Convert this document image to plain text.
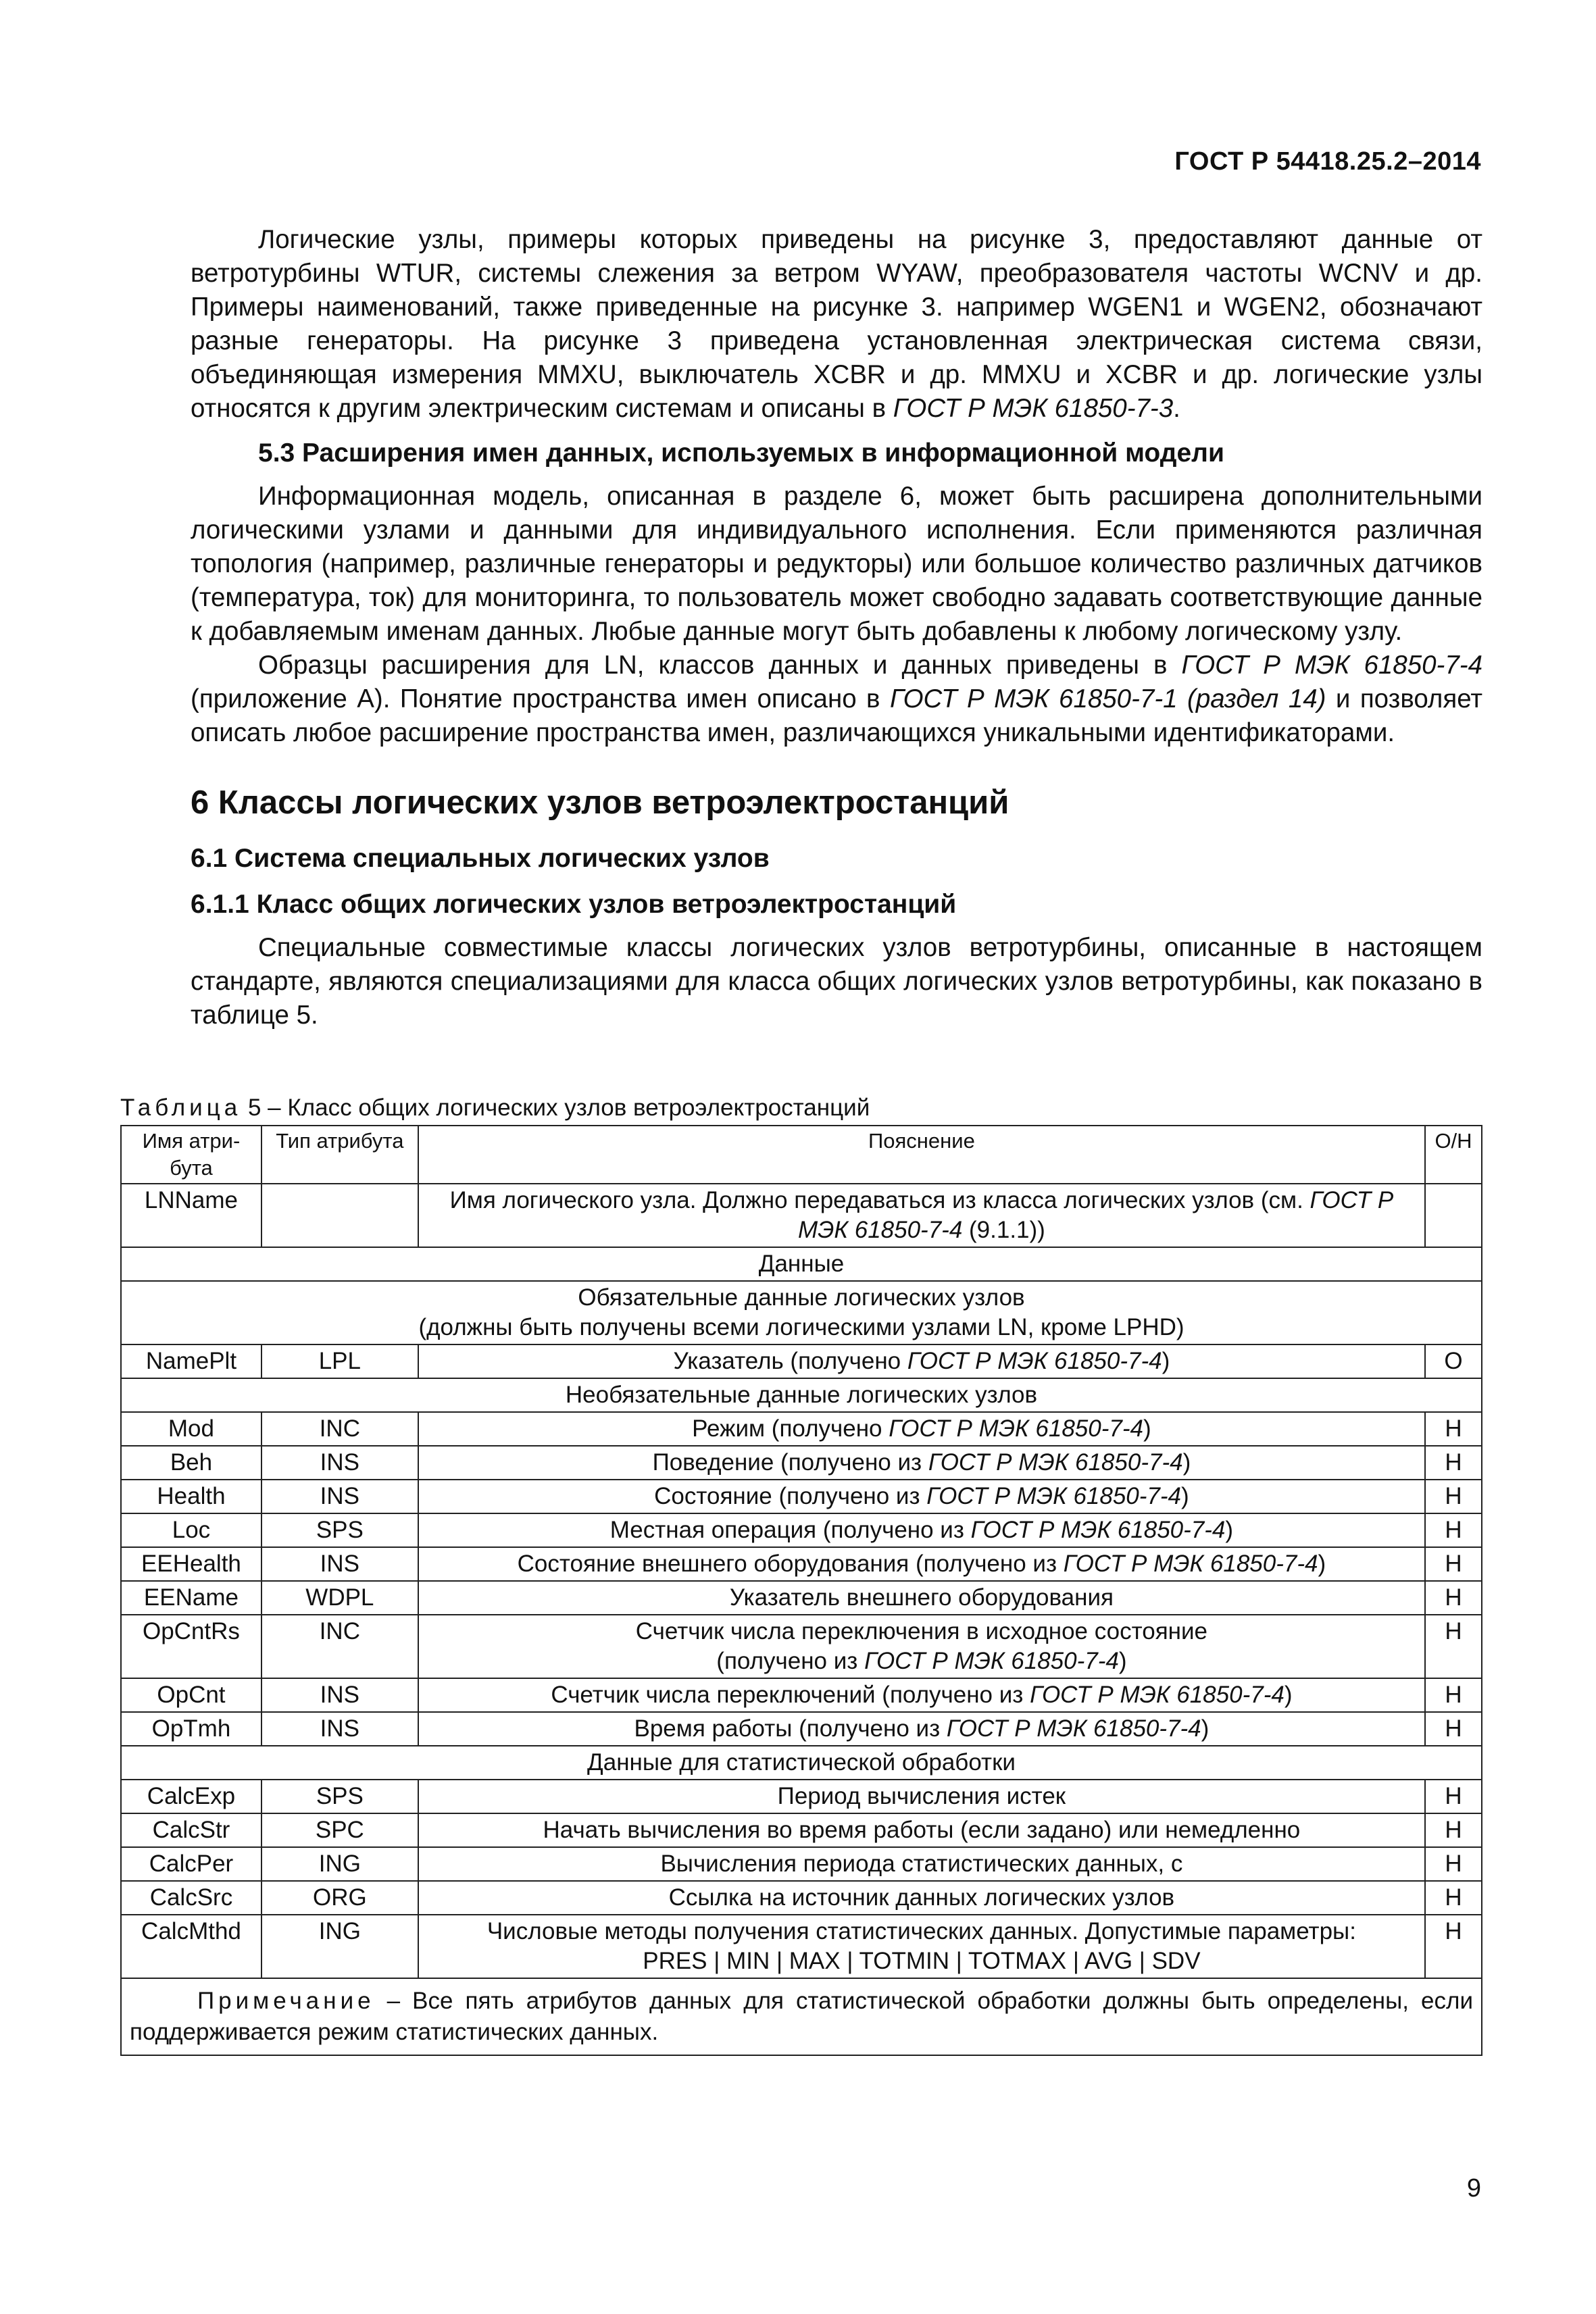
ГОСТ Р 54418.25.2–2014

Логические узлы, примеры которых приведены на рисунке 3, предоставляют данные от ветротурбины WTUR, системы слежения за ветром WYAW, преобразователя частоты WCNV и др. Примеры наименований, также приведенные на рисунке 3. например WGEN1 и WGEN2, обозначают разные генераторы. На рисунке 3 приведена установленная электрическая система связи, объединяющая измерения MMXU, выключатель XCBR и др. MMXU и XCBR и др. логические узлы относятся к другим электрическим системам и описаны в ГОСТ Р МЭК 61850-7-3.

5.3 Расширения имен данных, используемых в информационной модели

Информационная модель, описанная в разделе 6, может быть расширена дополнительными логическими узлами и данными для индивидуального исполнения. Если применяются различная топология (например, различные генераторы и редукторы) или большое количество различных датчиков (температура, ток) для мониторинга, то пользователь может свободно задавать соответствующие данные к добавляемым именам данных. Любые данные могут быть добавлены к любому логическому узлу.

Образцы расширения для LN, классов данных и данных приведены в ГОСТ Р МЭК 61850-7-4 (приложение А). Понятие пространства имен описано в ГОСТ Р МЭК 61850-7-1 (раздел 14) и позволяет описать любое расширение пространства имен, различающихся уникальными идентификаторами.

6 Классы логических узлов ветроэлектростанций

6.1 Система специальных логических узлов

6.1.1 Класс общих логических узлов ветроэлектростанций

Специальные совместимые классы логических узлов ветротурбины, описанные в настоящем стандарте, являются специализациями для класса общих логических узлов ветротурбины, как показано в таблице 5.

Таблица 5 – Класс общих логических узлов ветроэлектростанций
Имя атри-бута	Тип атрибута	Пояснение	О/Н
LNName		Имя логического узла. Должно передаваться из класса логических узлов (см. ГОСТ Р МЭК 61850-7-4 (9.1.1))	
Данные			
Обязательные данные логических узлов
(должны быть получены всеми логическими узлами LN, кроме LPHD)			
NamePlt	LPL	Указатель (получено ГОСТ Р МЭК 61850-7-4)	О
Необязательные данные логических узлов			
Mod	INC	Режим (получено ГОСТ Р МЭК 61850-7-4)	Н
Beh	INS	Поведение (получено из ГОСТ Р МЭК 61850-7-4)	Н
Health	INS	Состояние (получено из ГОСТ Р МЭК 61850-7-4)	Н
Loc	SPS	Местная операция (получено из ГОСТ Р МЭК 61850-7-4)	Н
EEHealth	INS	Состояние внешнего оборудования (получено из ГОСТ Р МЭК 61850-7-4)	Н
EEName	WDPL	Указатель внешнего оборудования	Н
OpCntRs	INC	Счетчик числа переключения в исходное состояние
(получено из ГОСТ Р МЭК 61850-7-4)	Н
OpCnt	INS	Счетчик числа переключений (получено из ГОСТ Р МЭК 61850-7-4)	Н
OpTmh	INS	Время работы (получено из ГОСТ Р МЭК 61850-7-4)	Н
Данные для статистической обработки			
CalcExp	SPS	Период вычисления истек	Н
CalcStr	SPC	Начать вычисления во время работы (если задано) или немедленно	Н
CalcPer	ING	Вычисления периода статистических данных, с	Н
CalcSrc	ORG	Ссылка на источник данных логических узлов	Н
CalcMthd	ING	Числовые методы получения статистических данных. Допустимые параметры:
PRES | MIN | MAX | TOTMIN | TOTMAX | AVG | SDV	Н
Примечание – Все пять атрибутов данных для статистической обработки должны быть определены, если поддерживается режим статистических данных.			
9
